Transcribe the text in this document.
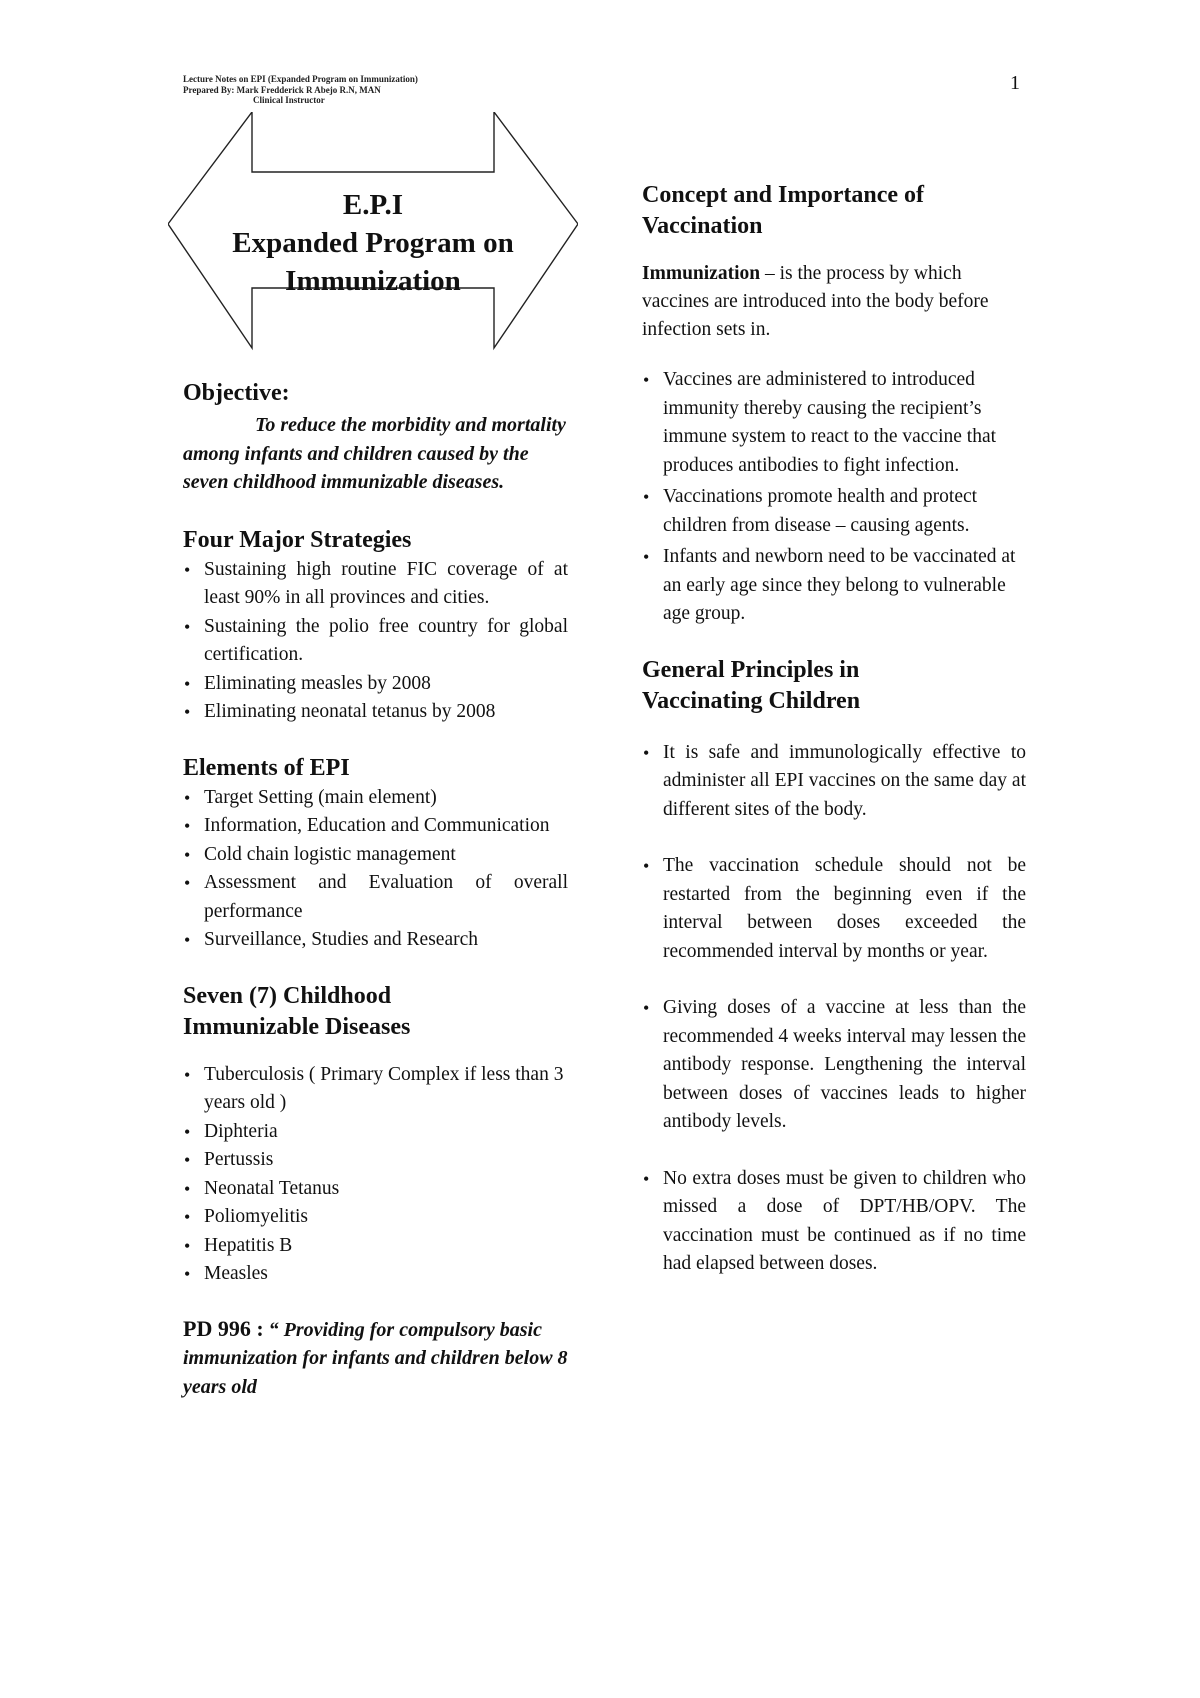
Lecture Notes on EPI (Expanded Program on Immunization)
Prepared By: Mark Fredderick R Abejo R.N, MAN
Clinical Instructor
1
E.P.I
Expanded Program on
Immunization
Objective:

To reduce the morbidity and mortality among infants and children caused by the seven childhood immunizable diseases.

Four Major Strategies
• Sustaining high routine FIC coverage of at least 90% in all provinces and cities.
• Sustaining the polio free country for global certification.
• Eliminating measles by 2008
• Eliminating neonatal tetanus by 2008
Elements of EPI
• Target Setting (main element)
• Information, Education and Communication
• Cold chain logistic management
• Assessment and Evaluation of overall performance
• Surveillance, Studies and Research
Seven (7) Childhood
Immunizable Diseases
• Tuberculosis ( Primary Complex if less than 3 years old )
• Diphteria
• Pertussis
• Neonatal Tetanus
• Poliomyelitis
• Hepatitis B
• Measles

PD 996 : “ Providing for compulsory basic immunization for infants and children below 8 years old

Concept and Importance of
Vaccination

Immunization – is the process by which vaccines are introduced into the body before infection sets in.

• Vaccines are administered to introduced immunity thereby causing the recipient’s immune system to react to the vaccine that produces antibodies to fight infection.
• Vaccinations promote health and protect children from disease – causing agents.
• Infants and newborn need to be vaccinated at an early age since they belong to vulnerable age group.
General Principles in
Vaccinating Children
• It is safe and immunologically effective to administer all EPI vaccines on the same day at different sites of the body.
• The vaccination schedule should not be restarted from the beginning even if the interval between doses exceeded the recommended interval by months or year.
• Giving doses of a vaccine at less than the recommended 4 weeks interval may lessen the antibody response. Lengthening the interval between doses of vaccines leads to higher antibody levels.
• No extra doses must be given to children who missed a dose of DPT/HB/OPV. The vaccination must be continued as if no time had elapsed between doses.
